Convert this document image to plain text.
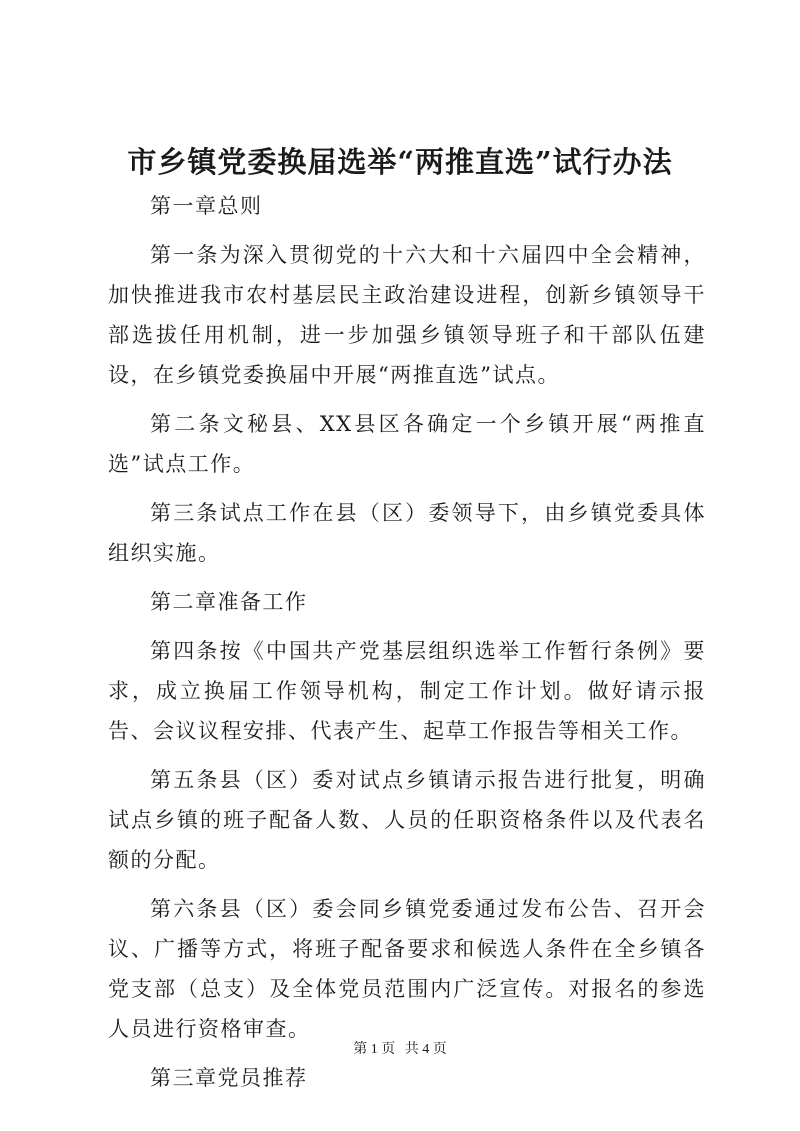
市乡镇党委换届选举“两推直选”试行办法

第一章总则

第一条为深入贯彻党的十六大和十六届四中全会精神，加快推进我市农村基层民主政治建设进程，创新乡镇领导干部选拔任用机制，进一步加强乡镇领导班子和干部队伍建设，在乡镇党委换届中开展“两推直选”试点。

第二条文秘县、XX县区各确定一个乡镇开展“两推直选”试点工作。

第三条试点工作在县（区）委领导下，由乡镇党委具体组织实施。

第二章准备工作

第四条按《中国共产党基层组织选举工作暂行条例》要求，成立换届工作领导机构，制定工作计划。做好请示报告、会议议程安排、代表产生、起草工作报告等相关工作。

第五条县（区）委对试点乡镇请示报告进行批复，明确试点乡镇的班子配备人数、人员的任职资格条件以及代表名额的分配。

第六条县（区）委会同乡镇党委通过发布公告、召开会议、广播等方式，将班子配备要求和候选人条件在全乡镇各党支部（总支）及全体党员范围内广泛宣传。对报名的参选人员进行资格审查。

第三章党员推荐

第 1 页 共 4 页
